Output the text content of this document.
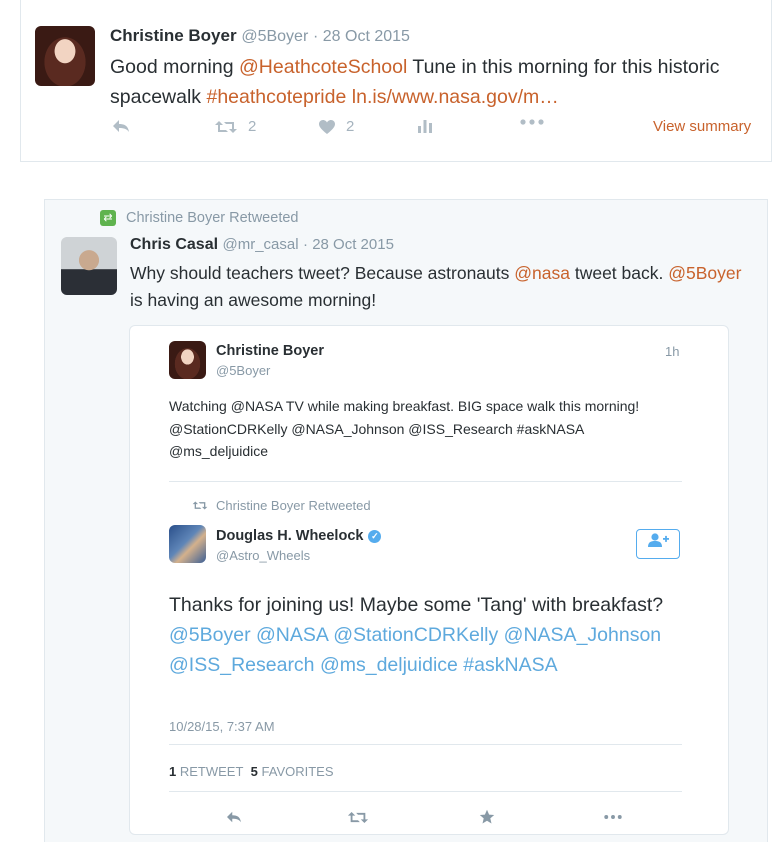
Christine Boyer @5Boyer · 28 Oct 2015
Good morning @HeathcoteSchool Tune in this morning for this historic spacewalk #heathcotepride ln.is/www.nasa.gov/m…
2	2	View summary
⇄ Christine Boyer Retweeted
Chris Casal @mr_casal · 28 Oct 2015
Why should teachers tweet? Because astronauts @nasa tweet back. @5Boyer is having an awesome morning!
Christine Boyer
@5Boyer
1h
Watching @NASA TV while making breakfast. BIG space walk this morning! @StationCDRKelly @NASA_Johnson @ISS_Research #askNASA @ms_deljuidice
Christine Boyer Retweeted
Douglas H. Wheelock ✓
@Astro_Wheels
Thanks for joining us! Maybe some 'Tang' with breakfast? @5Boyer @NASA @StationCDRKelly @NASA_Johnson @ISS_Research @ms_deljuidice #askNASA
10/28/15, 7:37 AM
1 RETWEET 5 FAVORITES
